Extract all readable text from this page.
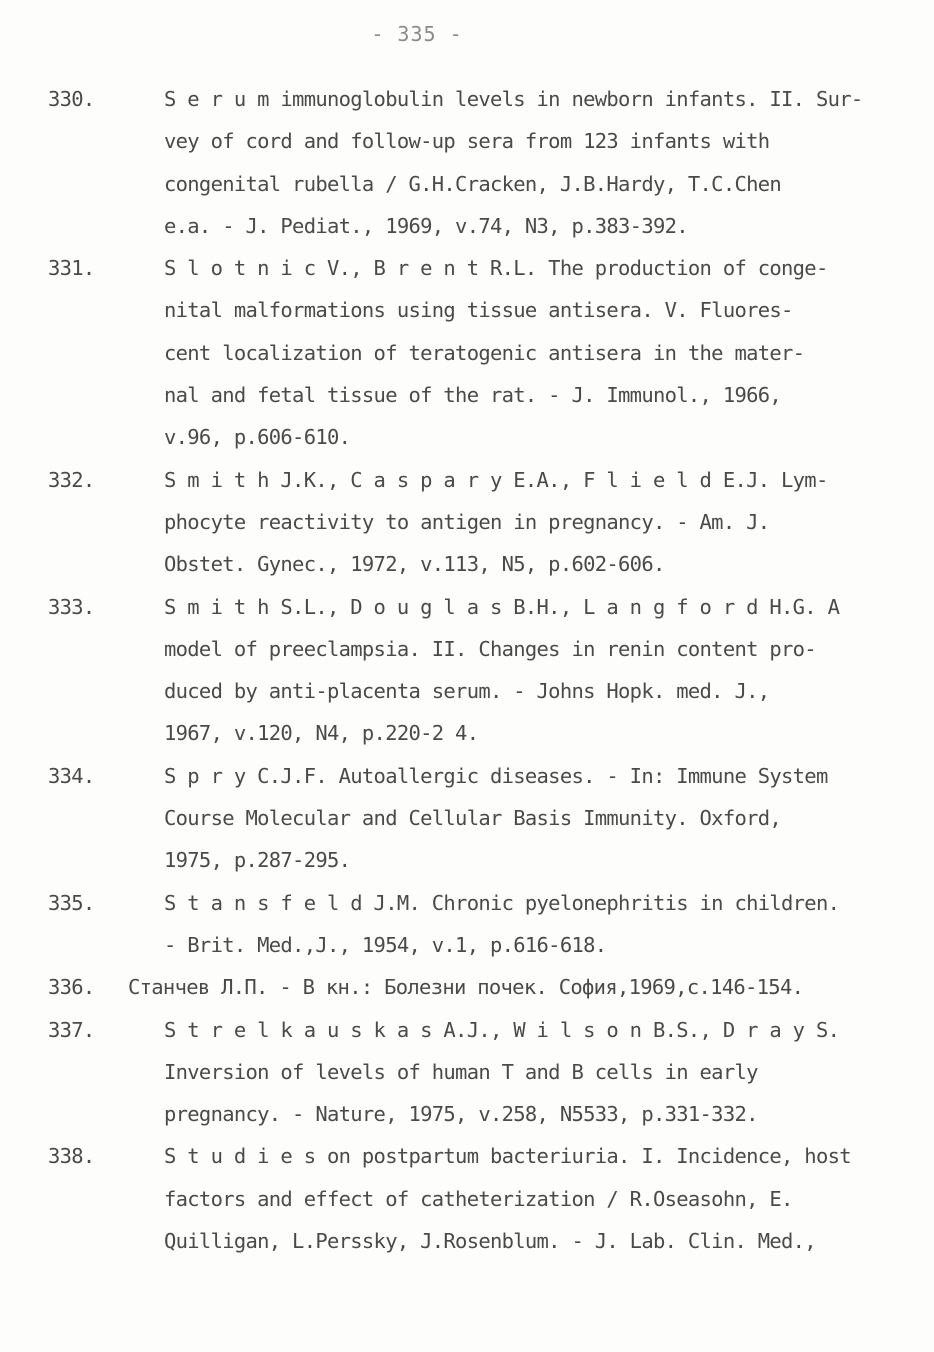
- 335 -
330.	S e r u m immunoglobulin levels in newborn infants. II. Sur-
vey of cord and follow-up sera from 123 infants with
congenital rubella / G.H.Cracken, J.B.Hardy, T.C.Chen
e.a. - J. Pediat., 1969, v.74, N3, p.383-392.
331.	S l o t n i c V., B r e n t R.L. The production of conge-
nital malformations using tissue antisera. V. Fluores-
cent localization of teratogenic antisera in the mater-
nal and fetal tissue of the rat. - J. Immunol., 1966,
v.96, p.606-610.
332.	S m i t h J.K., C a s p a r y E.A., F l i e l d E.J. Lym-
phocyte reactivity to antigen in pregnancy. - Am. J.
Obstet. Gynec., 1972, v.113, N5, p.602-606.
333.	S m i t h S.L., D o u g l a s B.H., L a n g f o r d H.G. A
model of preeclampsia. II. Changes in renin content pro-
duced by anti-placenta serum. - Johns Hopk. med. J.,
1967, v.120, N4, p.220-2 4.
334.	S p r y C.J.F. Autoallergic diseases. - In: Immune System
Course Molecular and Cellular Basis Immunity. Oxford,
1975, p.287-295.
335.	S t a n s f e l d J.M. Chronic pyelonephritis in children.
- Brit. Med.,J., 1954, v.1, p.616-618.
336. Станчев Л.П. - В кн.: Болезни почек. София,1969,с.146-154.
337.	S t r e l k a u s k a s A.J., W i l s o n B.S., D r a y S.
Inversion of levels of human T and B cells in early
pregnancy. - Nature, 1975, v.258, N5533, p.331-332.
338.	S t u d i e s on postpartum bacteriuria. I. Incidence, host
factors and effect of catheterization / R.Oseasohn, E.
Quilligan, L.Perssky, J.Rosenblum. - J. Lab. Clin. Med.,
